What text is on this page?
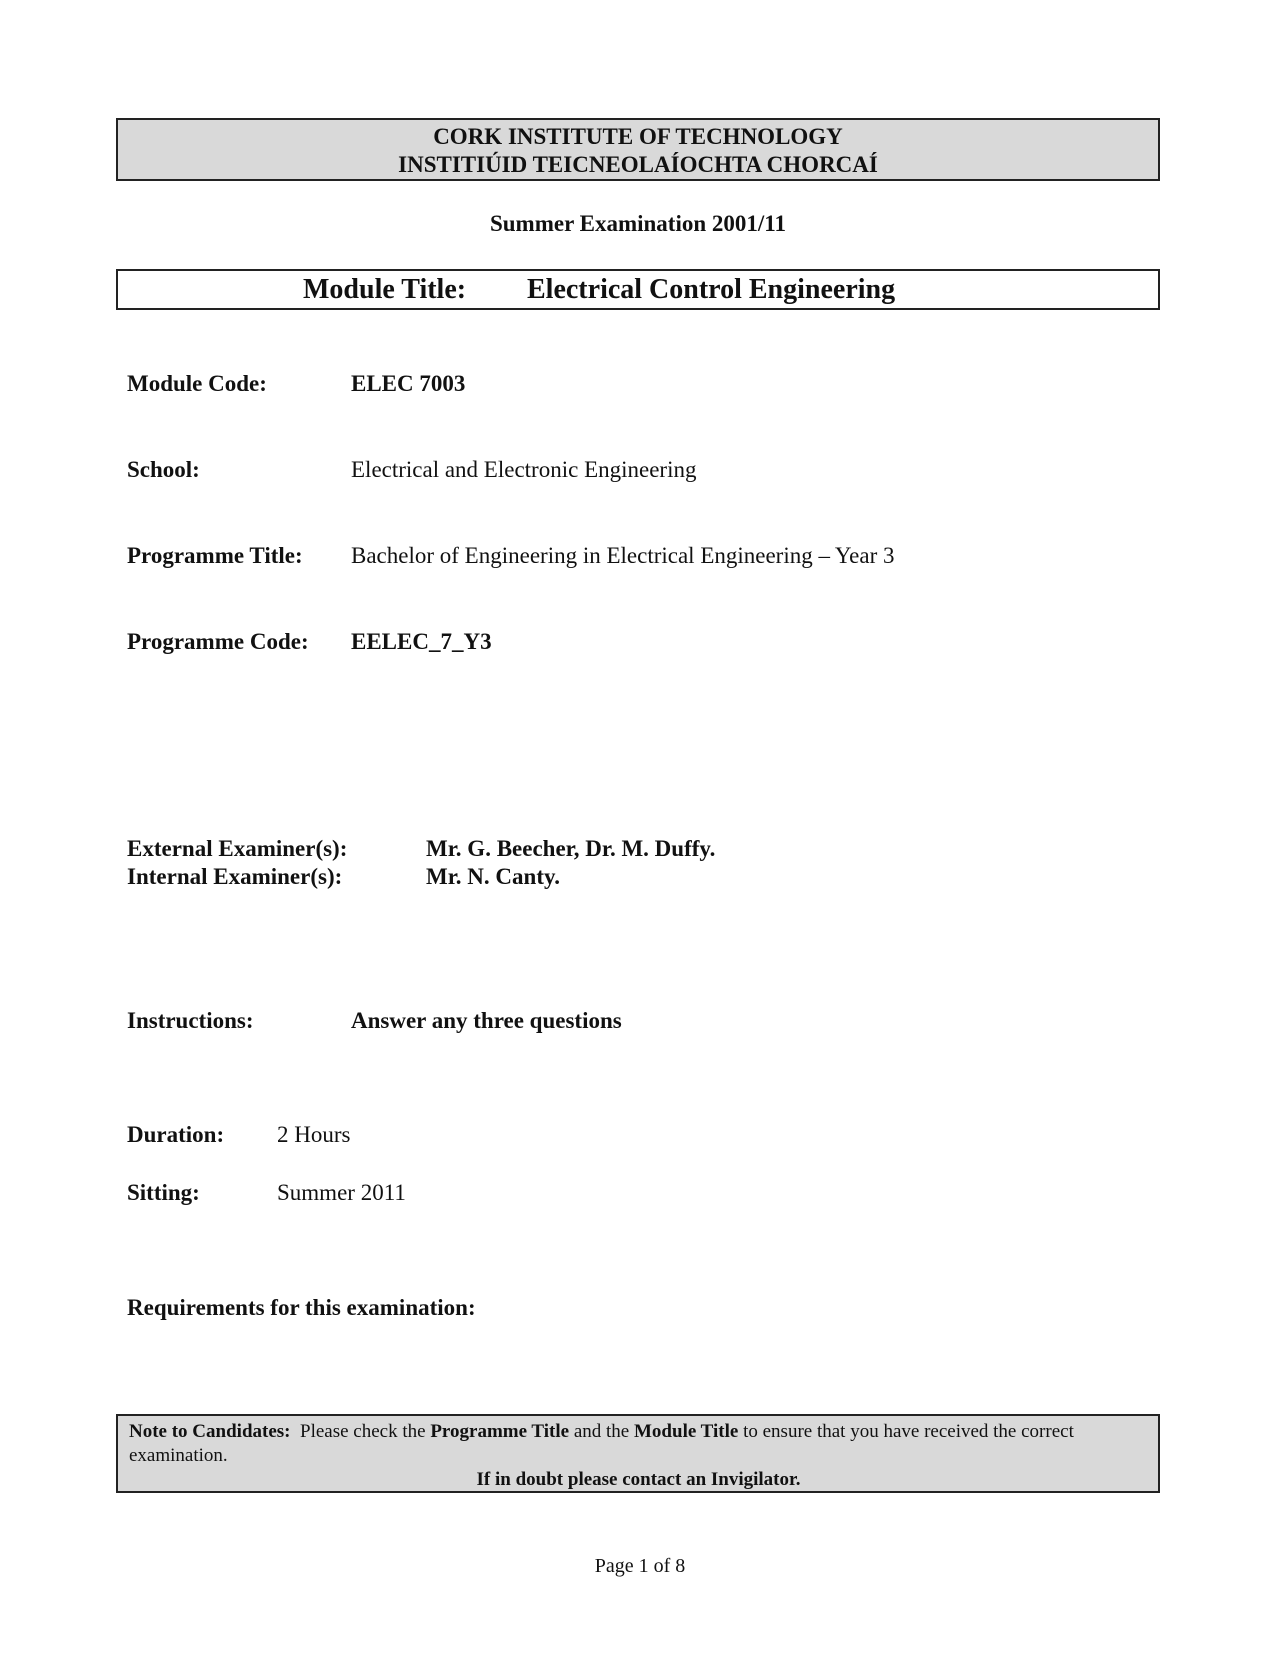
CORK INSTITUTE OF TECHNOLOGY
INSTITIÚID TEICNEOLAÍOCHTA CHORCAÍ
Summer Examination 2001/11
Module Title: Electrical Control Engineering
Module Code:	ELEC 7003
School:	Electrical and Electronic Engineering
Programme Title: Bachelor of Engineering in Electrical Engineering – Year 3
Programme Code: EELEC_7_Y3
External Examiner(s):	Mr. G. Beecher, Dr. M. Duffy.
Internal Examiner(s):	Mr. N. Canty.
Instructions:	Answer any three questions
Duration: 2 Hours
Sitting:	Summer 2011
Requirements for this examination:
Note to Candidates: Please check the Programme Title and the Module Title to ensure that you have received the correct examination.
If in doubt please contact an Invigilator.
Page 1 of 8
